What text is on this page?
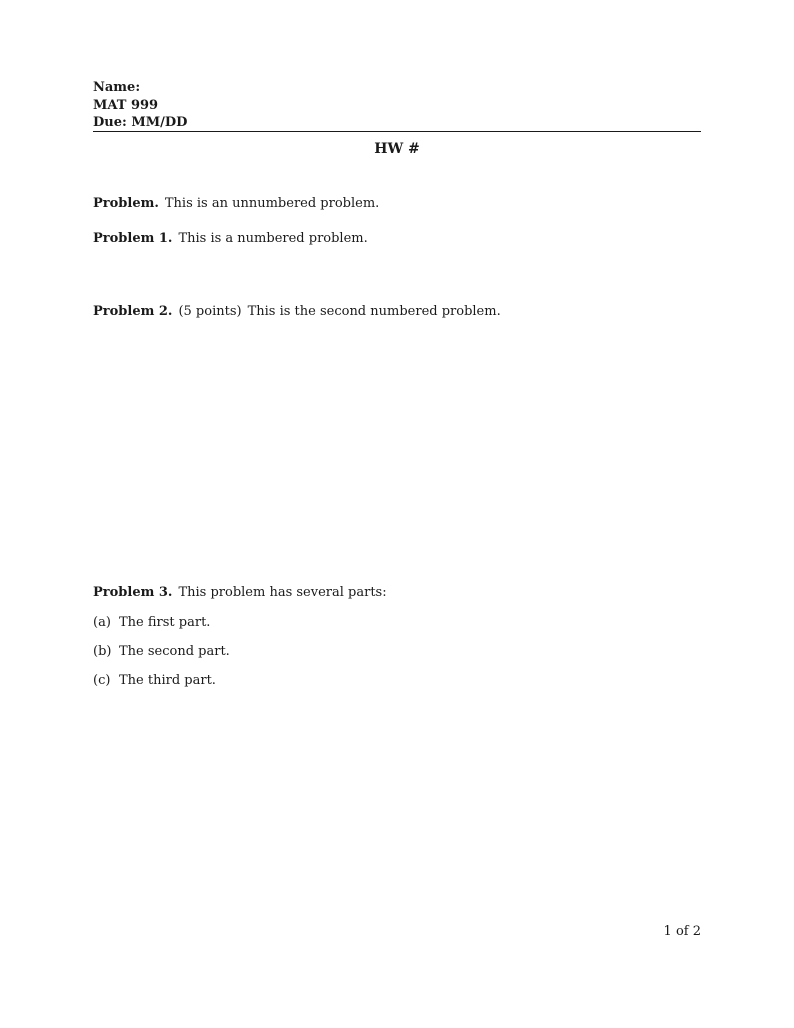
Name:
MAT 999
Due: MM/DD
HW #
Problem. This is an unnumbered problem.
Problem 1. This is a numbered problem.
Problem 2. (5 points) This is the second numbered problem.
Problem 3. This problem has several parts:
(a) The first part.
(b) The second part.
(c) The third part.
1 of 2
